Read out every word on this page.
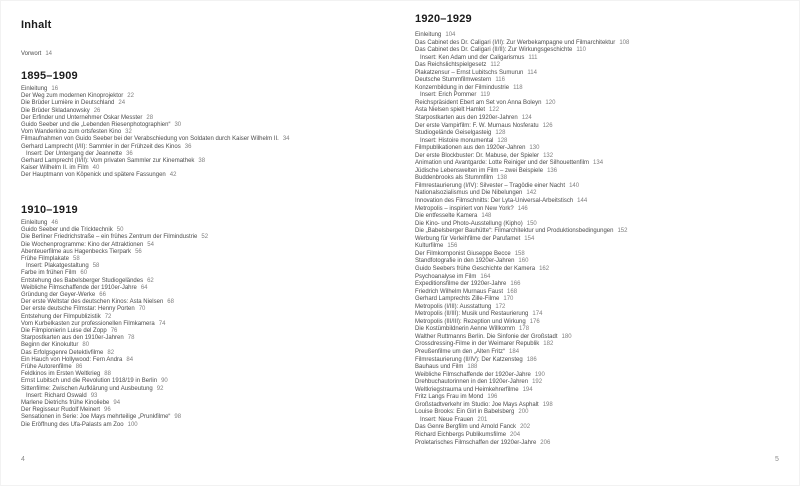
Inhalt
Vorwort 14
1895–1909
Einleitung 16
Der Weg zum modernen Kinoprojektor 22
Die Brüder Lumière in Deutschland 24
Die Brüder Skladanowsky 26
Der Erfinder und Unternehmer Oskar Messter 28
Guido Seeber und die „Lebenden Riesenphotographien“ 30
Vom Wanderkino zum ortsfesten Kino 32
Filmaufnahmen von Guido Seeber bei der Verabschiedung von Soldaten durch Kaiser Wilhelm II. 34
Gerhard Lamprecht (I/II): Sammler in der Frühzeit des Kinos 36
Insert: Der Untergang der Jeannette 36
Gerhard Lamprecht (II/II): Vom privaten Sammler zur Kinemathek 38
Kaiser Wilhelm II. im Film 40
Der Hauptmann von Köpenick und spätere Fassungen 42
1910–1919
Einleitung 46
Guido Seeber und die Tricktechnik 50
Die Berliner Friedrichstraße – ein frühes Zentrum der Filmindustrie 52
Die Wochenprogramme: Kino der Attraktionen 54
Abenteuerfilme aus Hagenbecks Tierpark 56
Frühe Filmplakate 58
Insert: Plakatgestaltung 58
Farbe im frühen Film 60
Entstehung des Babelsberger Studiogeländes 62
Weibliche Filmschaffende der 1910er-Jahre 64
Gründung der Geyer-Werke 66
Der erste Weltstar des deutschen Kinos: Asta Nielsen 68
Der erste deutsche Filmstar: Henny Porten 70
Entstehung der Filmpublizistik 72
Vom Kurbelkasten zur professionellen Filmkamera 74
Die Filmpionierin Luise del Zopp 76
Starpostkarten aus den 1910er-Jahren 78
Beginn der Kinokultur 80
Das Erfolgsgenre Detektivfilme 82
Ein Hauch von Hollywood: Fern Andra 84
Frühe Autorenfilme 86
Feldkinos im Ersten Weltkrieg 88
Ernst Lubitsch und die Revolution 1918/19 in Berlin 90
Sittenfilme: Zwischen Aufklärung und Ausbeutung 92
Insert: Richard Oswald 93
Marlene Dietrichs frühe Kinoliebe 94
Der Regisseur Rudolf Meinert 96
Sensationen in Serie: Joe Mays mehrteilige „Prunkfilme“ 98
Die Eröffnung des Ufa-Palasts am Zoo 100
1920–1929
Einleitung 104
Das Cabinet des Dr. Caligari (I/II): Zur Werbekampagne und Filmarchitektur 108
Das Cabinet des Dr. Caligari (II/II): Zur Wirkungsgeschichte 110
Insert: Ken Adam und der Caligarismus 111
Das Reichslichtspielgesetz 112
Plakatzensur – Ernst Lubitschs Sumurun 114
Deutsche Stummfilmwestern 116
Konzernbildung in der Filmindustrie 118
Insert: Erich Pommer 119
Reichspräsident Ebert am Set von Anna Boleyn 120
Asta Nielsen spielt Hamlet 122
Starpostkarten aus den 1920er-Jahren 124
Der erste Vampirfilm: F. W. Murnaus Nosferatu 126
Studiogelände Geiselgasteig 128
Insert: Histoire monumental 128
Filmpublikationen aus den 1920er-Jahren 130
Der erste Blockbuster: Dr. Mabuse, der Spieler 132
Animation und Avantgarde: Lotte Reiniger und der Silhouettenfilm 134
Jüdische Lebenswelten im Film – zwei Beispiele 136
Buddenbrooks als Stummfilm 138
Filmrestaurierung (I/IV): Silvester – Tragödie einer Nacht 140
Nationalsozialismus und Die Nibelungen 142
Innovation des Filmschnitts: Der Lyta-Universal-Arbeitstisch 144
Metropolis – inspiriert von New York? 146
Die entfesselte Kamera 148
Die Kino- und Photo-Ausstellung (Kipho) 150
Die „Babelsberger Bauhütte“: Filmarchitektur und Produktionsbedingungen 152
Werbung für Verleihfilme der Parufamet 154
Kulturfilme 156
Der Filmkomponist Giuseppe Becce 158
Standfotografie in den 1920er-Jahren 160
Guido Seebers frühe Geschichte der Kamera 162
Psychoanalyse im Film 164
Expeditionsfilme der 1920er-Jahre 166
Friedrich Wilhelm Murnaus Faust 168
Gerhard Lamprechts Zille-Filme 170
Metropolis (I/III): Ausstattung 172
Metropolis (II/III): Musik und Restaurierung 174
Metropolis (III/III): Rezeption und Wirkung 176
Die Kostümbildnerin Aenne Willkomm 178
Walther Ruttmanns Berlin. Die Sinfonie der Großstadt 180
Crossdressing-Filme in der Weimarer Republik 182
Preußenfilme um den „Alten Fritz“ 184
Filmrestaurierung (II/IV): Der Katzensteg 186
Bauhaus und Film 188
Weibliche Filmschaffende der 1920er-Jahre 190
Drehbuchautorinnen in den 1920er-Jahren 192
Weltkriegstrauma und Heimkehrerfilme 194
Fritz Langs Frau im Mond 196
Großstadtverkehr im Studio: Joe Mays Asphalt 198
Louise Brooks: Ein Girl in Babelsberg 200
Insert: Neue Frauen 201
Das Genre Bergfilm und Arnold Fanck 202
Richard Eichbergs Publikumsfilme 204
Proletarisches Filmschaffen der 1920er-Jahre 206
4	5
